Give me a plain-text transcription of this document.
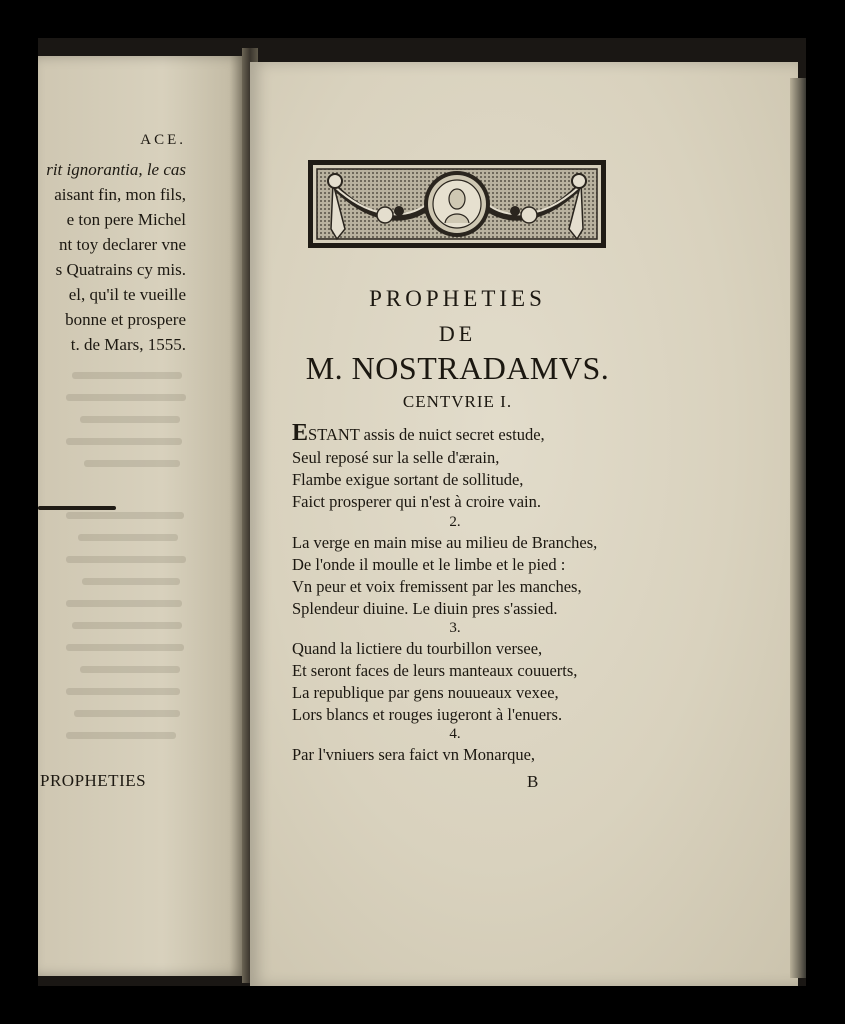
ACE.
rit ignorantia, le cas
aisant fin, mon fils,
e ton pere Michel
nt toy declarer vne
s Quatrains cy mis.
el, qu'il te vueille
bonne et prospere
t. de Mars, 1555.
PROPHETIES
PROPHETIES
DE
M. NOSTRADAMVS.
CENTVRIE I.
ESTANT assis de nuict secret estude,
Seul reposé sur la selle d'ærain,
Flambe exigue sortant de sollitude,
Faict prosperer qui n'est à croire vain.
2.
La verge en main mise au milieu de Branches,
De l'onde il moulle et le limbe et le pied :
Vn peur et voix fremissent par les manches,
Splendeur diuine. Le diuin pres s'assied.
3.
Quand la lictiere du tourbillon versee,
Et seront faces de leurs manteaux couuerts,
La republique par gens nouueaux vexee,
Lors blancs et rouges iugeront à l'enuers.
4.
Par l'vniuers sera faict vn Monarque,
B
